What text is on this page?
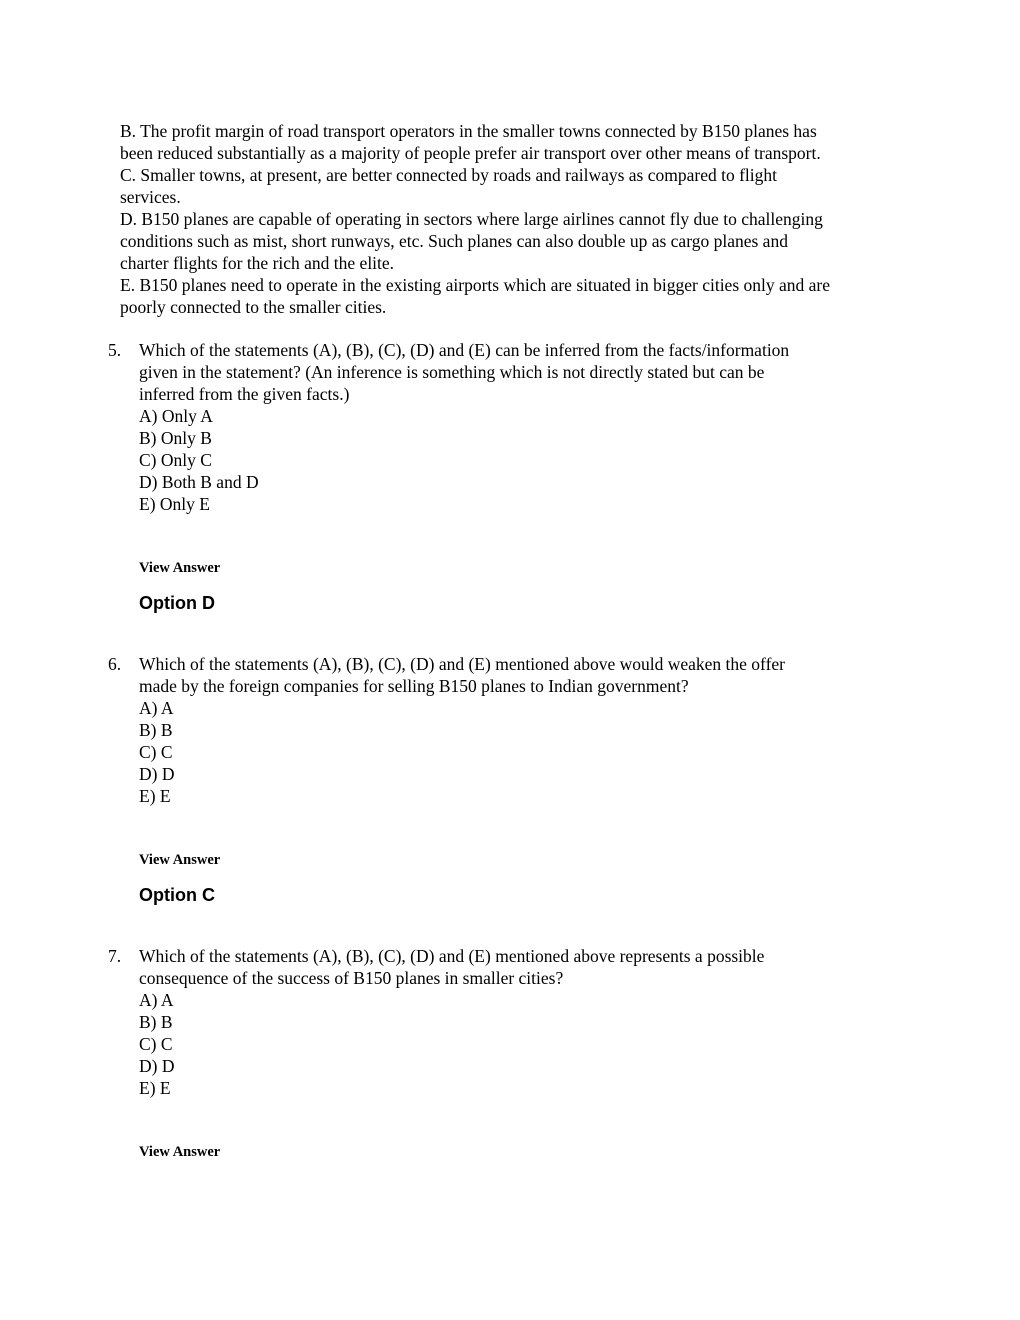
B. The profit margin of road transport operators in the smaller towns connected by B150 planes has
been reduced substantially as a majority of people prefer air transport over other means of transport.
C. Smaller towns, at present, are better connected by roads and railways as compared to flight
services.
D. B150 planes are capable of operating in sectors where large airlines cannot fly due to challenging
conditions such as mist, short runways, etc. Such planes can also double up as cargo planes and
charter flights for the rich and the elite.
E. B150 planes need to operate in the existing airports which are situated in bigger cities only and are
poorly connected to the smaller cities.
5. Which of the statements (A), (B), (C), (D) and (E) can be inferred from the facts/information
given in the statement? (An inference is something which is not directly stated but can be
inferred from the given facts.)
A) Only A
B) Only B
C) Only C
D) Both B and D
E) Only E
View Answer
Option D
6. Which of the statements (A), (B), (C), (D) and (E) mentioned above would weaken the offer
made by the foreign companies for selling B150 planes to Indian government?
A) A
B) B
C) C
D) D
E) E
View Answer
Option C
7. Which of the statements (A), (B), (C), (D) and (E) mentioned above represents a possible
consequence of the success of B150 planes in smaller cities?
A) A
B) B
C) C
D) D
E) E
View Answer
